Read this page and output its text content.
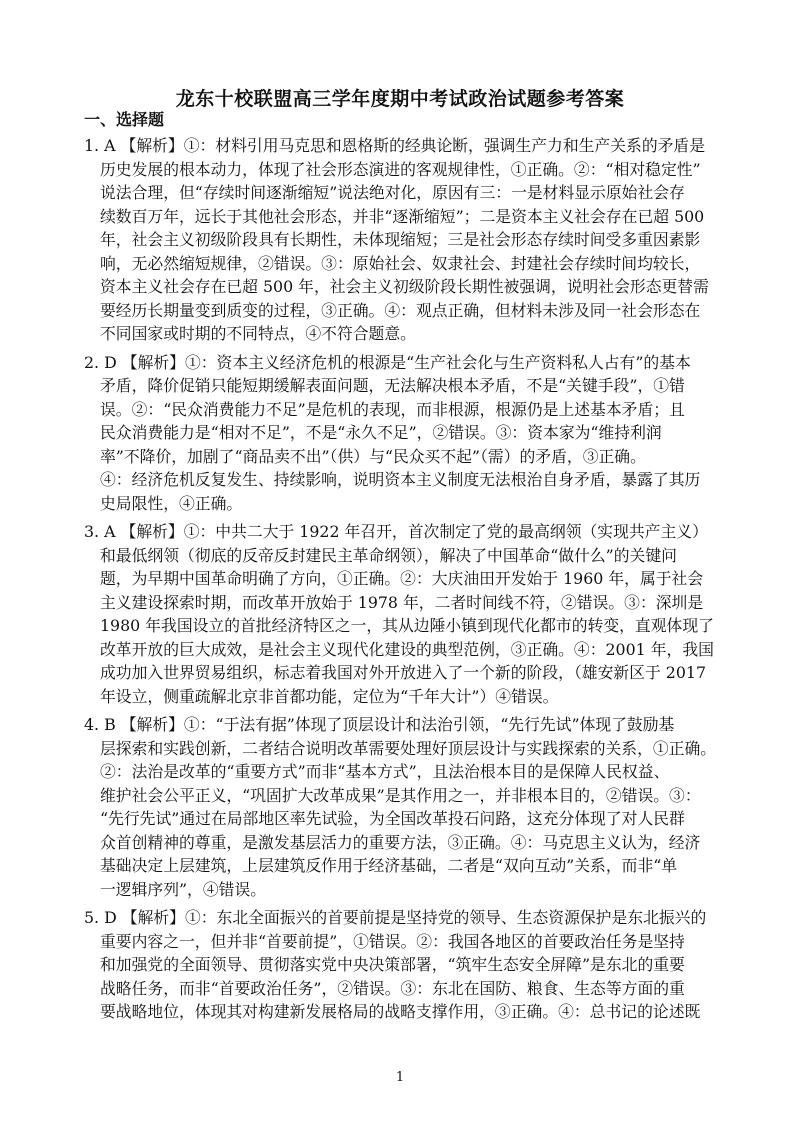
龙东十校联盟高三学年度期中考试政治试题参考答案
一、选择题

1. A 【解析】①：材料引用马克思和恩格斯的经典论断，强调生产力和生产关系的矛盾是

历史发展的根本动力，体现了社会形态演进的客观规律性，①正确。②：“相对稳定性”

说法合理，但“存续时间逐渐缩短”说法绝对化，原因有三：一是材料显示原始社会存

续数百万年，远长于其他社会形态，并非“逐渐缩短”；二是资本主义社会存在已超 500

年，社会主义初级阶段具有长期性，未体现缩短；三是社会形态存续时间受多重因素影

响，无必然缩短规律，②错误。③：原始社会、奴隶社会、封建社会存续时间均较长，

资本主义社会存在已超 500 年，社会主义初级阶段长期性被强调，说明社会形态更替需

要经历长期量变到质变的过程，③正确。④：观点正确，但材料未涉及同一社会形态在

不同国家或时期的不同特点，④不符合题意。

2. D 【解析】①：资本主义经济危机的根源是“生产社会化与生产资料私人占有”的基本

矛盾，降价促销只能短期缓解表面问题，无法解决根本矛盾，不是“关键手段”，①错

误。②：“民众消费能力不足”是危机的表现，而非根源，根源仍是上述基本矛盾；且

民众消费能力是“相对不足”，不是“永久不足”，②错误。③：资本家为“维持利润

率”不降价，加剧了“商品卖不出”（供）与“民众买不起”（需）的矛盾，③正确。

④：经济危机反复发生、持续影响，说明资本主义制度无法根治自身矛盾，暴露了其历

史局限性，④正确。

3. A 【解析】①：中共二大于 1922 年召开，首次制定了党的最高纲领（实现共产主义）

和最低纲领（彻底的反帝反封建民主革命纲领），解决了中国革命“做什么”的关键问

题，为早期中国革命明确了方向，①正确。②：大庆油田开发始于 1960 年，属于社会

主义建设探索时期，而改革开放始于 1978 年，二者时间线不符，②错误。③：深圳是

1980 年我国设立的首批经济特区之一，其从边陲小镇到现代化都市的转变，直观体现了

改革开放的巨大成效，是社会主义现代化建设的典型范例，③正确。④：2001 年，我国

成功加入世界贸易组织，标志着我国对外开放进入了一个新的阶段，（雄安新区于 2017

年设立，侧重疏解北京非首都功能，定位为“千年大计”）④错误。

4. B 【解析】①：“于法有据”体现了顶层设计和法治引领，“先行先试”体现了鼓励基

层探索和实践创新，二者结合说明改革需要处理好顶层设计与实践探索的关系，①正确。

②：法治是改革的“重要方式”而非“基本方式”，且法治根本目的是保障人民权益、

维护社会公平正义，“巩固扩大改革成果”是其作用之一，并非根本目的，②错误。③：

“先行先试”通过在局部地区率先试验，为全国改革投石问路，这充分体现了对人民群

众首创精神的尊重，是激发基层活力的重要方法，③正确。④：马克思主义认为，经济

基础决定上层建筑，上层建筑反作用于经济基础，二者是“双向互动”关系，而非“单

一逻辑序列”，④错误。

5. D 【解析】①：东北全面振兴的首要前提是坚持党的领导、生态资源保护是东北振兴的

重要内容之一，但并非“首要前提”，①错误。②：我国各地区的首要政治任务是坚持

和加强党的全面领导、贯彻落实党中央决策部署，“筑牢生态安全屏障”是东北的重要

战略任务，而非“首要政治任务”，②错误。③：东北在国防、粮食、生态等方面的重

要战略地位，体现其对构建新发展格局的战略支撑作用，③正确。④：总书记的论述既

1
